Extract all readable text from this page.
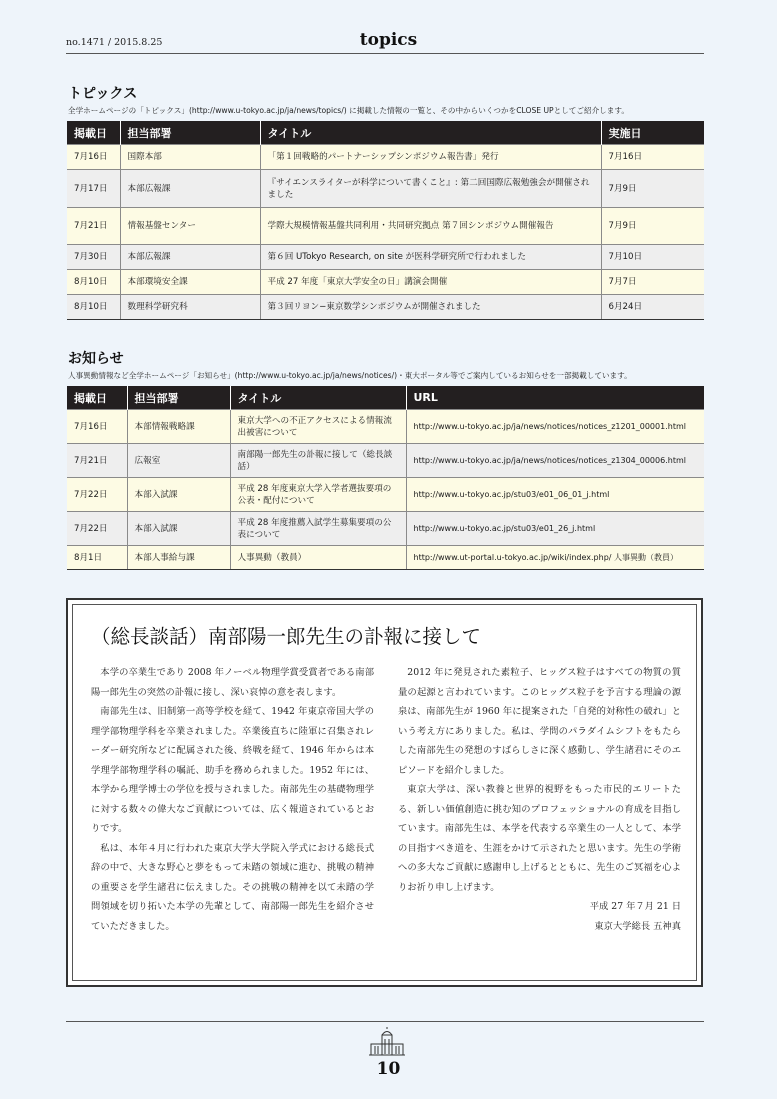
no.1471 / 2015.8.25	topics
トピックス
全学ホームページの「トピックス」(http://www.u-tokyo.ac.jp/ja/news/topics/) に掲載した情報の一覧と、その中からいくつかをCLOSE UPとしてご紹介します。
掲載日	担当部署	タイトル	実施日
7月16日	国際本部	「第１回戦略的パートナーシップシンポジウム報告書」発行	7月16日
7月17日	本部広報課	『サイエンスライターが科学について書くこと』: 第二回国際広報勉強会が開催されました	7月9日
7月21日	情報基盤センター	学際大規模情報基盤共同利用・共同研究拠点 第７回シンポジウム開催報告	7月9日
7月30日	本部広報課	第６回 UTokyo Research, on site が医科学研究所で行われました	7月10日
8月10日	本部環境安全課	平成 27 年度「東京大学安全の日」講演会開催	7月7日
8月10日	数理科学研究科	第３回リヨン−東京数学シンポジウムが開催されました	6月24日
お知らせ
人事異動情報など全学ホームページ「お知らせ」(http://www.u-tokyo.ac.jp/ja/news/notices/)・東大ポータル等でご案内しているお知らせを一部掲載しています。
掲載日	担当部署	タイトル	URL
7月16日	本部情報戦略課	東京大学への不正アクセスによる情報流出被害について	http://www.u-tokyo.ac.jp/ja/news/notices/notices_z1201_00001.html
7月21日	広報室	南部陽一郎先生の訃報に接して（総長談話）	http://www.u-tokyo.ac.jp/ja/news/notices/notices_z1304_00006.html
7月22日	本部入試課	平成 28 年度東京大学入学者選抜要項の公表・配付について	http://www.u-tokyo.ac.jp/stu03/e01_06_01_j.html
7月22日	本部入試課	平成 28 年度推薦入試学生募集要項の公表について	http://www.u-tokyo.ac.jp/stu03/e01_26_j.html
8月1日	本部人事給与課	人事異動（教員）	http://www.ut-portal.u-tokyo.ac.jp/wiki/index.php/ 人事異動（教員）
（総長談話）南部陽一郎先生の訃報に接して

本学の卒業生であり 2008 年ノーベル物理学賞受賞者である南部陽一郎先生の突然の訃報に接し、深い哀悼の意を表します。

南部先生は、旧制第一高等学校を経て、1942 年東京帝国大学の理学部物理学科を卒業されました。卒業後直ちに陸軍に召集されレーダー研究所などに配属された後、終戦を経て、1946 年からは本学理学部物理学科の嘱託、助手を務められました。1952 年には、本学から理学博士の学位を授与されました。南部先生の基礎物理学に対する数々の偉大なご貢献については、広く報道されているとおりです。

私は、本年４月に行われた東京大学大学院入学式における総長式辞の中で、大きな野心と夢をもって未踏の領域に進む、挑戦の精神の重要さを学生諸君に伝えました。その挑戦の精神を以て未踏の学問領域を切り拓いた本学の先輩として、南部陽一郎先生を紹介させていただきました。

2012 年に発見された素粒子、ヒッグス粒子はすべての物質の質量の起源と言われています。このヒッグス粒子を予言する理論の源泉は、南部先生が 1960 年に提案された「自発的対称性の破れ」という考え方にありました。私は、学問のパラダイムシフトをもたらした南部先生の発想のすばらしさに深く感動し、学生諸君にそのエピソードを紹介しました。

東京大学は、深い教養と世界的視野をもった市民的エリートたる、新しい価値創造に挑む知のプロフェッショナルの育成を目指しています。南部先生は、本学を代表する卒業生の一人として、本学の目指すべき道を、生涯をかけて示されたと思います。先生の学術への多大なご貢献に感謝申し上げるとともに、先生のご冥福を心よりお祈り申し上げます。

平成 27 年７月 21 日

東京大学総長 五神真

10
